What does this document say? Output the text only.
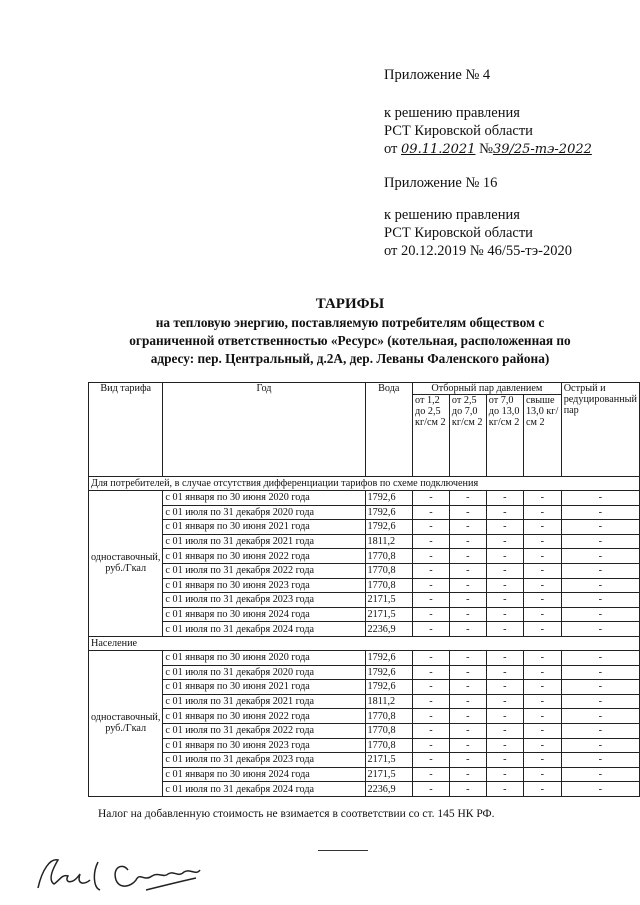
Приложение № 4
к решению правления
РСТ Кировской области
от 09.11.2021 №39/25-тэ-2022
Приложение № 16
к решению правления
РСТ Кировской области
от 20.12.2019 № 46/55-тэ-2020
ТАРИФЫ
на тепловую энергию, поставляемую потребителям обществом с
ограниченной ответственностью «Ресурс» (котельная, расположенная по
адресу: пер. Центральный, д.2А, дер. Леваны Фаленского района)
Вид тарифа	Год	Вода	Отборный пар давлением				Острый и редуцированный пар
			от 1,2 до 2,5 кг/см 2	от 2,5 до 7,0 кг/см 2	от 7,0 до 13,0 кг/см 2	свыше 13,0 кг/см 2	
Для потребителей, в случае отсутствия дифференциации тарифов по схеме подключения							
одноставочный, руб./Гкал	с 01 января по 30 июня 2020 года	1792,6	-	-	-	-	-
	с 01 июля по 31 декабря 2020 года	1792,6	-	-	-	-	-
	с 01 января по 30 июня 2021 года	1792,6	-	-	-	-	-
	с 01 июля по 31 декабря 2021 года	1811,2	-	-	-	-	-
	с 01 января по 30 июня 2022 года	1770,8	-	-	-	-	-
	с 01 июля по 31 декабря 2022 года	1770,8	-	-	-	-	-
	с 01 января по 30 июня 2023 года	1770,8	-	-	-	-	-
	с 01 июля по 31 декабря 2023 года	2171,5	-	-	-	-	-
	с 01 января по 30 июня 2024 года	2171,5	-	-	-	-	-
	с 01 июля по 31 декабря 2024 года	2236,9	-	-	-	-	-
Население							
одноставочный, руб./Гкал	с 01 января по 30 июня 2020 года	1792,6	-	-	-	-	-
	с 01 июля по 31 декабря 2020 года	1792,6	-	-	-	-	-
	с 01 января по 30 июня 2021 года	1792,6	-	-	-	-	-
	с 01 июля по 31 декабря 2021 года	1811,2	-	-	-	-	-
	с 01 января по 30 июня 2022 года	1770,8	-	-	-	-	-
	с 01 июля по 31 декабря 2022 года	1770,8	-	-	-	-	-
	с 01 января по 30 июня 2023 года	1770,8	-	-	-	-	-
	с 01 июля по 31 декабря 2023 года	2171,5	-	-	-	-	-
	с 01 января по 30 июня 2024 года	2171,5	-	-	-	-	-
	с 01 июля по 31 декабря 2024 года	2236,9	-	-	-	-	-
Налог на добавленную стоимость не взимается в соответствии со ст. 145 НК РФ.
